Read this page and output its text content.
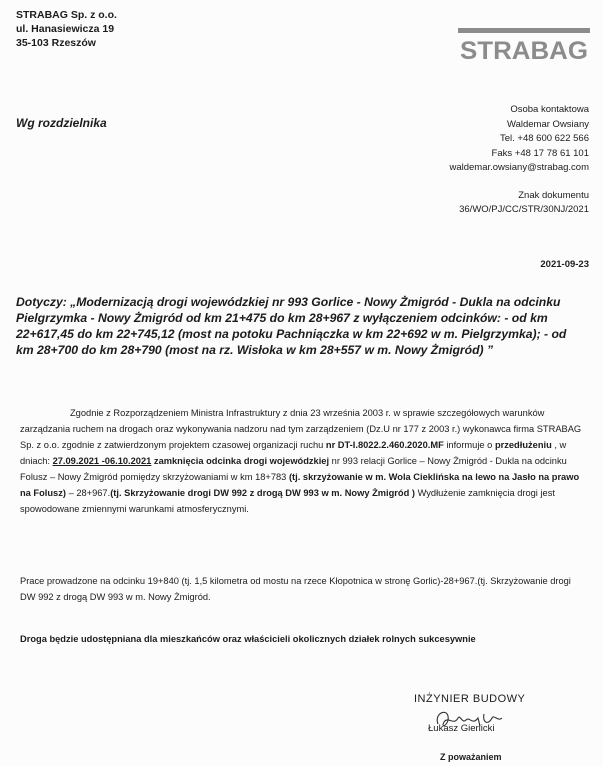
STRABAG Sp. z o.o.
ul. Hanasiewicza 19
35-103 Rzeszów	STRABAG
Wg rozdzielnika
Osoba kontaktowa
Waldemar Owsiany
Tel. +48 600 622 566
Faks +48 17 78 61 101
waldemar.owsiany@strabag.com
Znak dokumentu
36/WO/PJ/CC/STR/30NJ/2021
2021-09-23
Dotyczy: „Modernizacją drogi wojewódzkiej nr 993 Gorlice - Nowy Żmigród - Dukla na odcinku Pielgrzymka - Nowy Żmigród od km 21+475 do km 28+967 z wyłączeniem odcinków: - od km 22+617,45 do km 22+745,12 (most na potoku Pachniączka w km 22+692 w m. Pielgrzymka); - od km 28+700 do km 28+790 (most na rz. Wisłoka w km 28+557 w m. Nowy Żmigród) ”
Zgodnie z Rozporządzeniem Ministra Infrastruktury z dnia 23 września 2003 r. w sprawie szczegółowych warunków zarządzania ruchem na drogach oraz wykonywania nadzoru nad tym zarządzeniem (Dz.U nr 177 z 2003 r.) wykonawca firma STRABAG Sp. z o.o. zgodnie z zatwierdzonym projektem czasowej organizacji ruchu nr DT-I.8022.2.460.2020.MF informuje o przedłużeniu , w dniach: 27.09.2021 -06.10.2021 zamknięcia odcinka drogi wojewódzkiej nr 993 relacji Gorlice – Nowy Żmigród - Dukla na odcinku Folusz – Nowy Żmigród pomiędzy skrzyżowaniami w km 18+783 (tj. skrzyżowanie w m. Wola Cieklińska na lewo na Jasło na prawo na Folusz) – 28+967.(tj. Skrzyżowanie drogi DW 992 z drogą DW 993 w m. Nowy Żmigród ) Wydłużenie zamknięcia drogi jest spowodowane zmiennymi warunkami atmosferycznymi.
Prace prowadzone na odcinku 19+840 (tj. 1,5 kilometra od mostu na rzece Kłopotnica w stronę Gorlic)-28+967.(tj. Skrzyżowanie drogi DW 992 z drogą DW 993 w m. Nowy Żmigród.
Droga będzie udostępniana dla mieszkańców oraz właścicieli okolicznych działek rolnych sukcesywnie
INŻYNIER BUDOWY
Łukasz Gierlicki
Z poważaniem
